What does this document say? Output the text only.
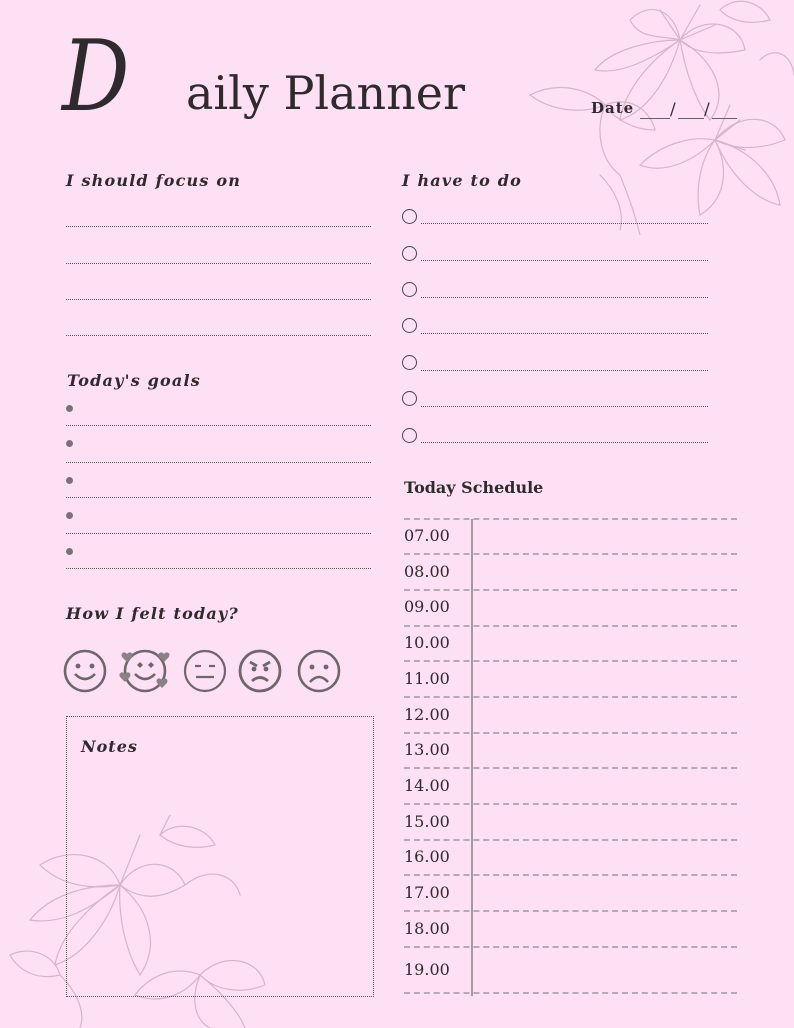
D aily Planner	Date / /
I should focus on
Today's goals
How I felt today?
Notes
I have to do
Today Schedule
07.00
08.00
09.00
10.00
11.00
12.00
13.00
14.00
15.00
16.00
17.00
18.00
19.00
